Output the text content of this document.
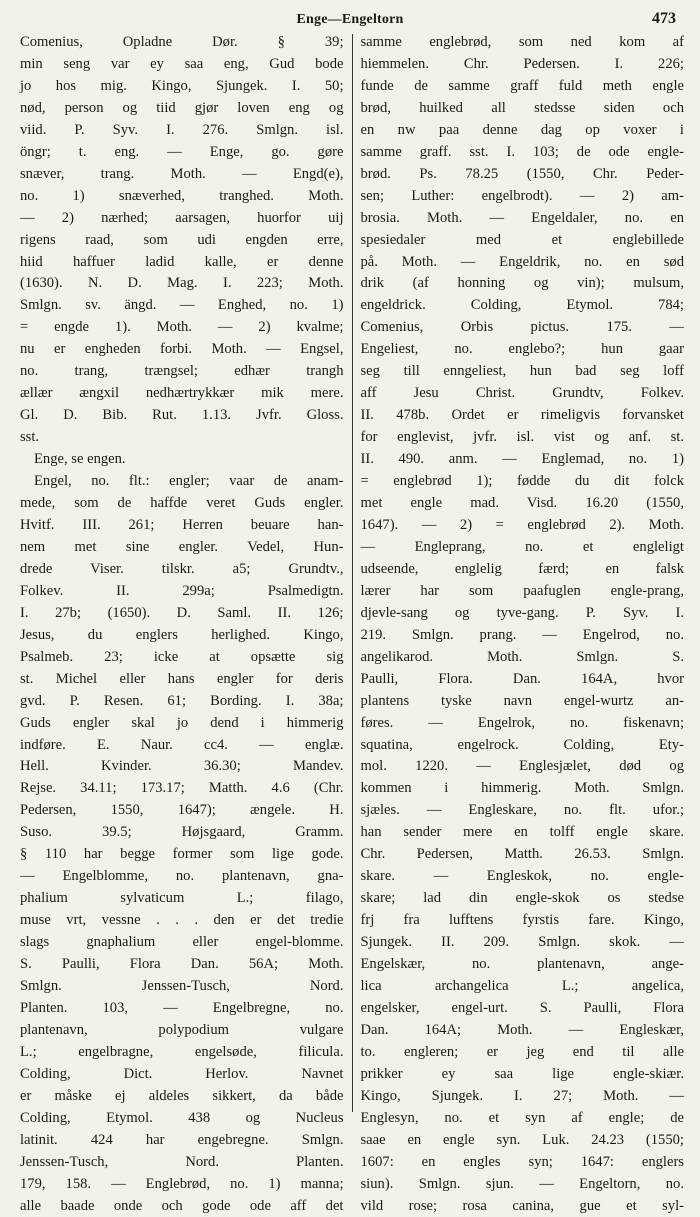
Enge—Engeltorn	473
Comenius, Opladne Dør. § 39;
min seng var ey saa eng, Gud bode
jo hos mig. Kingo, Sjungek. I. 50;
nød, person og tiid gjør loven eng og
viid. P. Syv. I. 276. Smlgn. isl.
öngr; t. eng. — Enge, go. gøre
snæver, trang. Moth. — Engd(e),
no. 1) snæverhed, tranghed. Moth.
— 2) nærhed; aarsagen, huorfor uij
rigens raad, som udi engden erre,
hiid haffuer ladid kalle, er denne
(1630). N. D. Mag. I. 223; Moth.
Smlgn. sv. ängd. — Enghed, no. 1)
= engde 1). Moth. — 2) kvalme;
nu er engheden forbi. Moth. — Engsel,
no. trang, trængsel; edhær trangh
ællær ængxil nedhærtrykkær mik mere.
Gl. D. Bib. Rut. 1.13. Jvfr. Gloss.
sst.
Enge, se engen.
Engel, no. flt.: engler; vaar de anam-
mede, som de haffde veret Guds engler.
Hvitf. III. 261; Herren beuare han-
nem met sine engler. Vedel, Hun-
drede Viser. tilskr. a5; Grundtv.,
Folkev. II. 299a; Psalmedigtn.
I. 27b; (1650). D. Saml. II. 126;
Jesus, du englers herlighed. Kingo,
Psalmeb. 23; icke at opsætte sig
st. Michel eller hans engler for deris
gvd. P. Resen. 61; Bording. I. 38a;
Guds engler skal jo dend i himmerig
indføre. E. Naur. cc4. — englæ.
Hell. Kvinder. 36.30; Mandev.
Rejse. 34.11; 173.17; Matth. 4.6 (Chr.
Pedersen, 1550, 1647); ængele. H.
Suso. 39.5; Højsgaard, Gramm.
§ 110 har begge former som lige gode.
— Engelblomme, no. plantenavn, gna-
phalium sylvaticum L.; filago,
muse vrt, vessne . . . den er det tredie
slags gnaphalium eller engel-blomme.
S. Paulli, Flora Dan. 56A; Moth.
Smlgn. Jenssen-Tusch, Nord.
Planten. 103, — Engelbregne, no.
plantenavn, polypodium vulgare
L.; engelbragne, engelsøde, filicula.
Colding, Dict. Herlov. Navnet
er måske ej aldeles sikkert, da både
Colding, Etymol. 438 og Nucleus
latinit. 424 har engebregne. Smlgn.
Jenssen-Tusch, Nord. Planten.
179, 158. — Englebrød, no. 1) manna;
alle baade onde och gode ode aff det
samme englebrød, som ned kom af
hiemmelen. Chr. Pedersen. I. 226;
funde de samme graff fuld meth engle
brød, huilked all stedsse siden och
en nw paa denne dag op voxer i
samme graff. sst. I. 103; de ode engle-
brød. Ps. 78.25 (1550, Chr. Peder-
sen; Luther: engelbrodt). — 2) am-
brosia. Moth. — Engeldaler, no. en
spesiedaler med et englebillede
på. Moth. — Engeldrik, no. en sød
drik (af honning og vin); mulsum,
engeldrick. Colding, Etymol. 784;
Comenius, Orbis pictus. 175. —
Engeliest, no. englebo?; hun gaar
seg till enngeliest, hun bad seg loff
aff Jesu Christ. Grundtv, Folkev.
II. 478b. Ordet er rimeligvis forvansket
for englevist, jvfr. isl. vist og anf. st.
II. 490. anm. — Englemad, no. 1)
= englebrød 1); fødde du dit folck
met engle mad. Visd. 16.20 (1550,
1647). — 2) = englebrød 2). Moth.
— Engleprang, no. et engleligt
udseende, englelig færd; en falsk
lærer har som paafuglen engle-prang,
djevle-sang og tyve-gang. P. Syv. I.
219. Smlgn. prang. — Engelrod, no.
angelikarod. Moth. Smlgn. S.
Paulli, Flora. Dan. 164A, hvor
plantens tyske navn engel-wurtz an-
føres. — Engelrok, no. fiskenavn;
squatina, engelrock. Colding, Ety-
mol. 1220. — Englesjælet, død og
kommen i himmerig. Moth. Smlgn.
sjæles. — Engleskare, no. flt. ufor.;
han sender mere en tolff engle skare.
Chr. Pedersen, Matth. 26.53. Smlgn.
skare. — Engleskok, no. engle-
skare; lad din engle-skok os stedse
frj fra lufftens fyrstis fare. Kingo,
Sjungek. II. 209. Smlgn. skok. —
Engelskær, no. plantenavn, ange-
lica archangelica L.; angelica,
engelsker, engel-urt. S. Paulli, Flora
Dan. 164A; Moth. — Engleskær,
to. engleren; er jeg end til alle
prikker ey saa lige engle-skiær.
Kingo, Sjungek. I. 27; Moth. —
Englesyn, no. et syn af engle; de
saae en engle syn. Luk. 24.23 (1550;
1607: en engles syn; 1647: englers
siun). Smlgn. sjun. — Engeltorn, no.
vild rose; rosa canina, gue et syl-
